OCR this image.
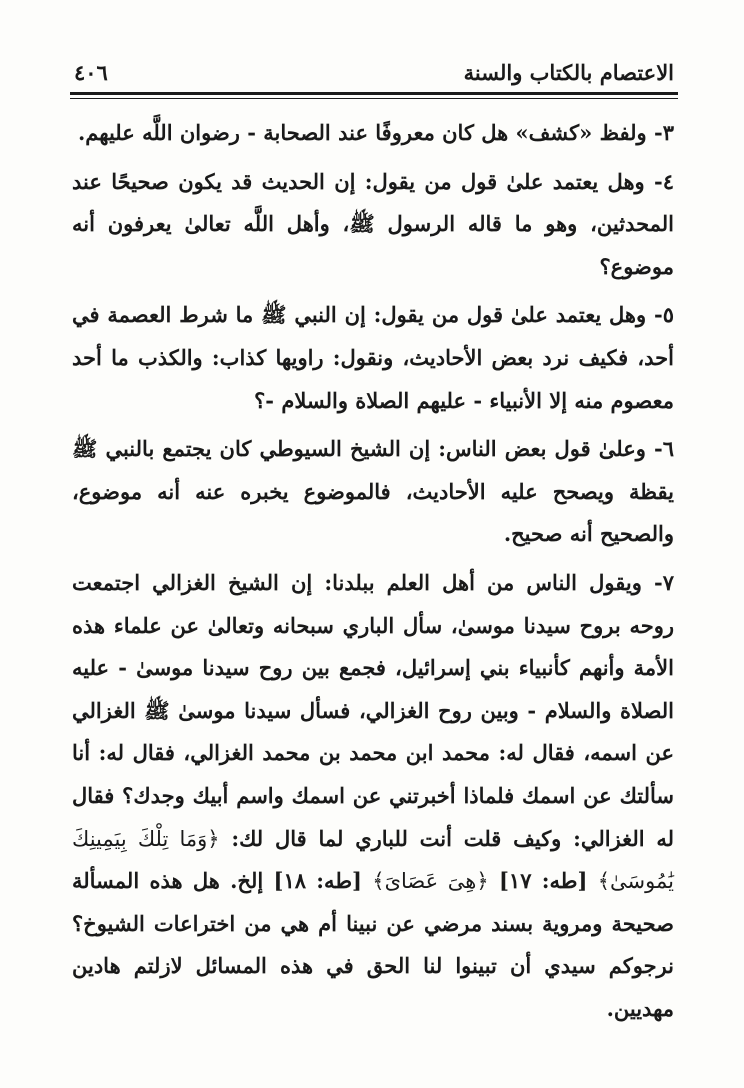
الاعتصام بالكتاب والسنة
٤٠٦

٣- ولفظ «كشف» هل كان معروفًا عند الصحابة - رضوان اللَّه عليهم.

٤- وهل يعتمد علىٰ قول من يقول: إن الحديث قد يكون صحيحًا عند المحدثين، وهو ما قاله الرسول ﷺ، وأهل اللَّه تعالىٰ يعرفون أنه موضوع؟

٥- وهل يعتمد علىٰ قول من يقول: إن النبي ﷺ ما شرط العصمة في أحد، فكيف نرد بعض الأحاديث، ونقول: راويها كذاب: والكذب ما أحد معصوم منه إلا الأنبياء - عليهم الصلاة والسلام -؟

٦- وعلىٰ قول بعض الناس: إن الشيخ السيوطي كان يجتمع بالنبي ﷺ يقظة ويصحح عليه الأحاديث، فالموضوع يخبره عنه أنه موضوع، والصحيح أنه صحيح.

٧- ويقول الناس من أهل العلم ببلدنا: إن الشيخ الغزالي اجتمعت روحه بروح سيدنا موسىٰ، سأل الباري سبحانه وتعالىٰ عن علماء هذه الأمة وأنهم كأنبياء بني إسرائيل، فجمع بين روح سيدنا موسىٰ - عليه الصلاة والسلام - وبين روح الغزالي، فسأل سيدنا موسىٰ ﷺ الغزالي عن اسمه، فقال له: محمد ابن محمد بن محمد الغزالي، فقال له: أنا سألتك عن اسمك فلماذا أخبرتني عن اسمك واسم أبيك وجدك؟ فقال له الغزالي: وكيف قلت أنت للباري لما قال لك: ﴿وَمَا تِلْكَ بِيَمِينِكَ يَٰمُوسَىٰ﴾ [طه: ١٧] ﴿هِىَ عَصَاىَ﴾ [طه: ١٨] إلخ. هل هذه المسألة صحيحة ومروية بسند مرضي عن نبينا أم هي من اختراعات الشيوخ؟ نرجوكم سيدي أن تبينوا لنا الحق في هذه المسائل لازلتم هادين مهديين.
